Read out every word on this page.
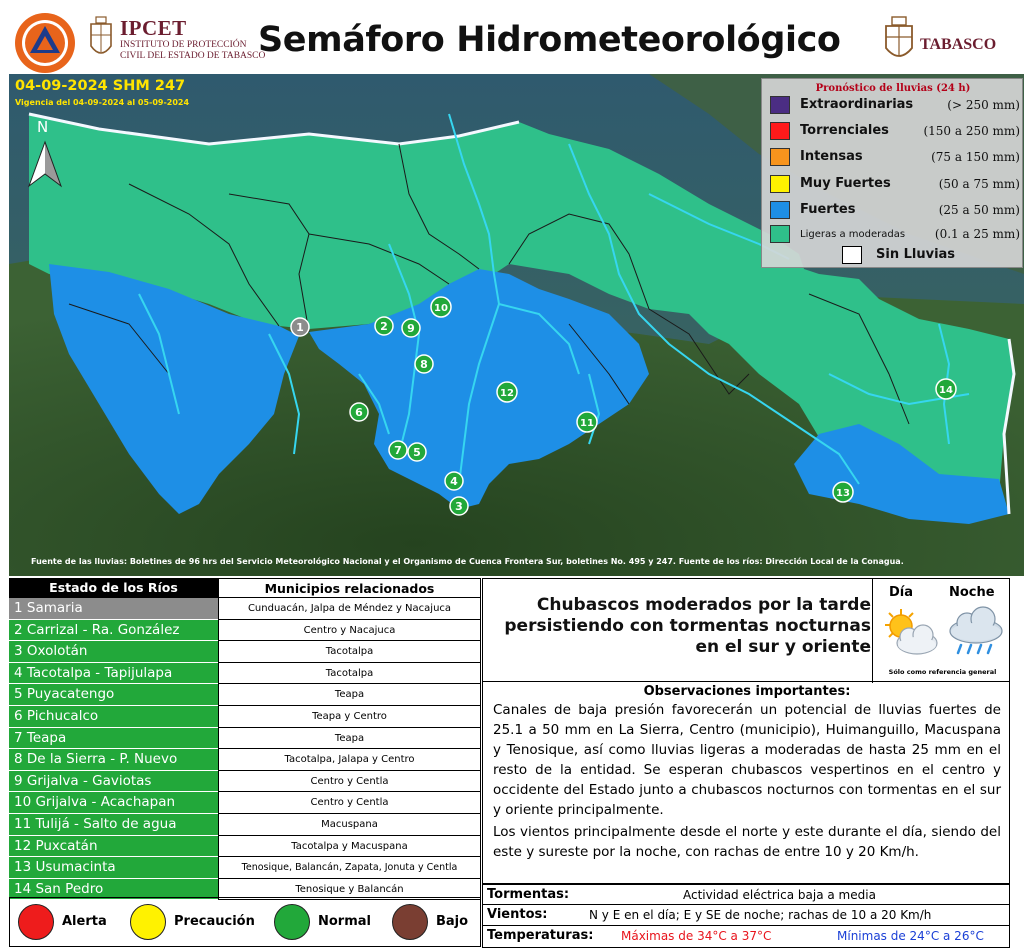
IPCET
INSTITUTO DE PROTECCIÓN CIVIL DEL ESTADO DE TABASCO
Semáforo Hidrometeorológico	TABASCO
1	2
3
4
5
6
7
8
9
10
11
12
13
14
04-09-2024 SHM 247
Vigencia del 04-09-2024 al 05-09-2024
N
Fuente de las lluvias: Boletines de 96 hrs del Servicio Meteorológico Nacional y el Organismo de Cuenca Frontera Sur, boletines No. 495 y 247. Fuente de los ríos: Dirección Local de la Conagua.
Pronóstico de lluvias (24 h)
Extraordinarias	(> 250 mm)
Torrenciales	(150 a 250 mm)
Intensas	(75 a 150 mm)
Muy Fuertes	(50 a 75 mm)
Fuertes	(25 a 50 mm)
Ligeras a moderadas (0.1 a 25 mm)
Sin Lluvias
Estado de los Ríos	Municipios relacionados
1 Samaria	Cunduacán, Jalpa de Méndez y Nacajuca
2 Carrizal - Ra. González	Centro y Nacajuca
3 Oxolotán	Tacotalpa
4 Tacotalpa - Tapijulapa	Tacotalpa
5 Puyacatengo	Teapa
6 Pichucalco	Teapa y Centro
7 Teapa	Teapa
8 De la Sierra - P. Nuevo	Tacotalpa, Jalapa y Centro
9 Grijalva - Gaviotas	Centro y Centla
10 Grijalva - Acachapan	Centro y Centla
11 Tulijá - Salto de agua	Macuspana
12 Puxcatán	Tacotalpa y Macuspana
13 Usumacinta	Tenosique, Balancán, Zapata, Jonuta y Centla
14 San Pedro	Tenosique y Balancán
Alerta	Precaución	Normal	Bajo
Chubascos moderados por la tarde persistiendo con tormentas nocturnas en el sur y oriente
Día	Noche
Sólo como referencia general
Observaciones importantes:
Canales de baja presión favorecerán un potencial de lluvias fuertes de 25.1 a 50 mm en La Sierra, Centro (municipio), Huimanguillo, Macuspana y Tenosique, así como lluvias ligeras a moderadas de hasta 25 mm en el resto de la entidad. Se esperan chubascos vespertinos en el centro y occidente del Estado junto a chubascos nocturnos con tormentas en el sur y oriente principalmente.
Los vientos principalmente desde el norte y este durante el día, siendo del este y sureste por la noche, con rachas de entre 10 y 20 Km/h.
Tormentas:	Actividad eléctrica baja a media
Vientos:	N y E en el día; E y SE de noche; rachas de 10 a 20 Km/h
Temperaturas: Máximas de 34°C a 37°C	Mínimas de 24°C a 26°C
